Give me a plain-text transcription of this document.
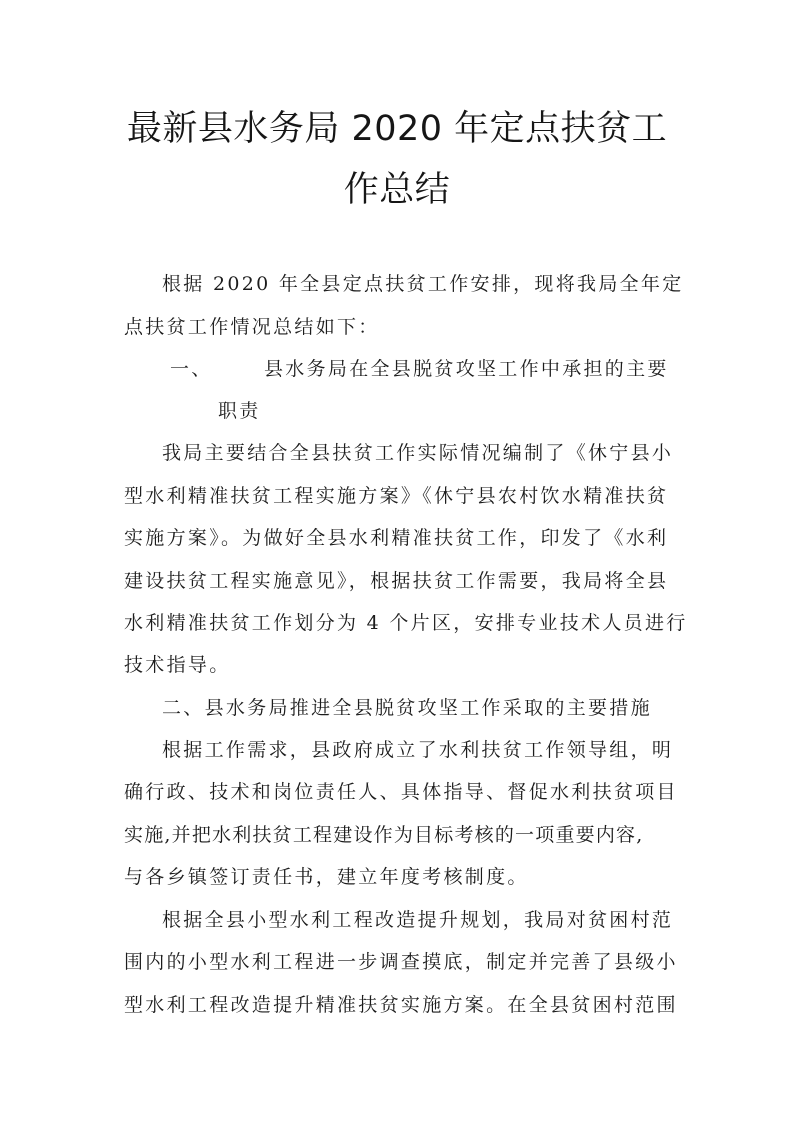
最新县水务局 2020 年定点扶贫工
作总结
根据 2020 年全县定点扶贫工作安排，现将我局全年定
点扶贫工作情况总结如下：
一、	县水务局在全县脱贫攻坚工作中承担的主要
职责
我局主要结合全县扶贫工作实际情况编制了《休宁县小
型水利精准扶贫工程实施方案》《休宁县农村饮水精准扶贫
实施方案》。为做好全县水利精准扶贫工作，印发了《水利
建设扶贫工程实施意见》，根据扶贫工作需要，我局将全县
水利精准扶贫工作划分为 4 个片区，安排专业技术人员进行
技术指导。
二、县水务局推进全县脱贫攻坚工作采取的主要措施
根据工作需求，县政府成立了水利扶贫工作领导组，明
确行政、技术和岗位责任人、具体指导、督促水利扶贫项目
实施,并把水利扶贫工程建设作为目标考核的一项重要内容,
与各乡镇签订责任书，建立年度考核制度。
根据全县小型水利工程改造提升规划，我局对贫困村范
围内的小型水利工程进一步调查摸底，制定并完善了县级小
型水利工程改造提升精准扶贫实施方案。在全县贫困村范围
